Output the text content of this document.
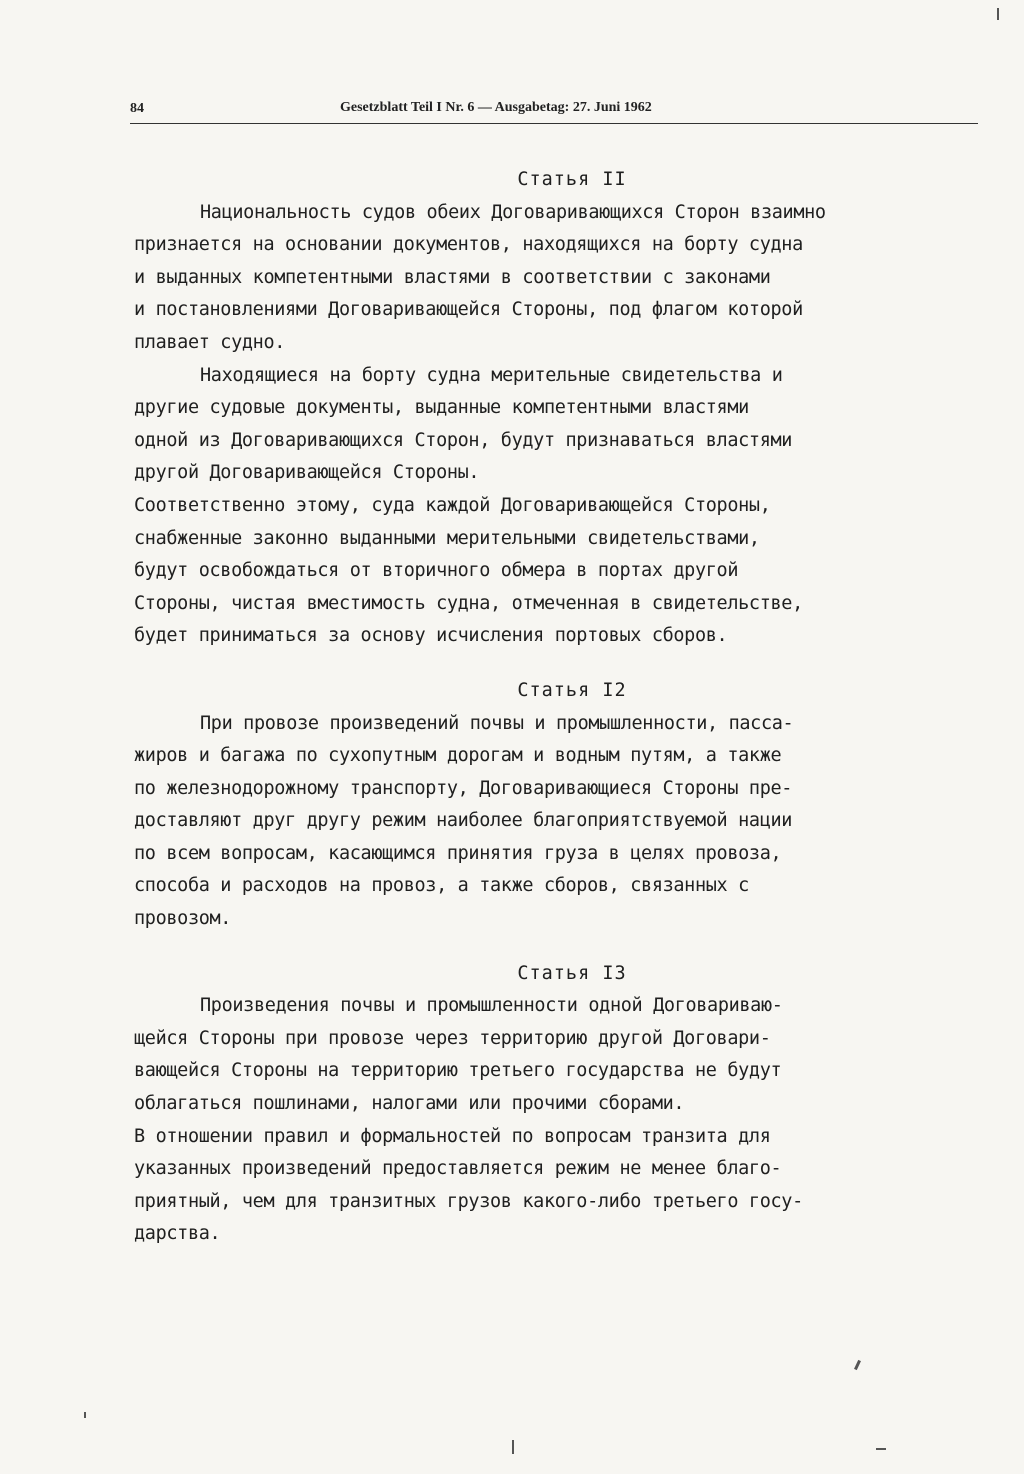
84	Gesetzblatt Teil I Nr. 6 — Ausgabetag: 27. Juni 1962
Статья II
Национальность судов обеих Договаривающихся Сторон взаимно
признается на основании документов, находящихся на борту судна
и выданных компетентными властями в соответствии с законами
и постановлениями Договаривающейся Стороны, под флагом которой
плавает судно.
Находящиеся на борту судна мерительные свидетельства и
другие судовые документы, выданные компетентными властями
одной из Договаривающихся Сторон, будут признаваться властями
другой Договаривающейся Стороны.
Соответственно этому, суда каждой Договаривающейся Стороны,
снабженные законно выданными мерительными свидетельствами,
будут освобождаться от вторичного обмера в портах другой
Стороны, чистая вместимость судна, отмеченная в свидетельстве,
будет приниматься за основу исчисления портовых сборов.
Статья I2
При провозе произведений почвы и промышленности, пасса-
жиров и багажа по сухопутным дорогам и водным путям, а также
по железнодорожному транспорту, Договаривающиеся Стороны пре-
доставляют друг другу режим наиболее благоприятствуемой нации
по всем вопросам, касающимся принятия груза в целях провоза,
способа и расходов на провоз, а также сборов, связанных с
провозом.
Статья I3
Произведения почвы и промышленности одной Договариваю-
щейся Стороны при провозе через территорию другой Договари-
вающейся Стороны на территорию третьего государства не будут
облагаться пошлинами, налогами или прочими сборами.
В отношении правил и формальностей по вопросам транзита для
указанных произведений предоставляется режим не менее благо-
приятный, чем для транзитных грузов какого-либо третьего госу-
дарства.
